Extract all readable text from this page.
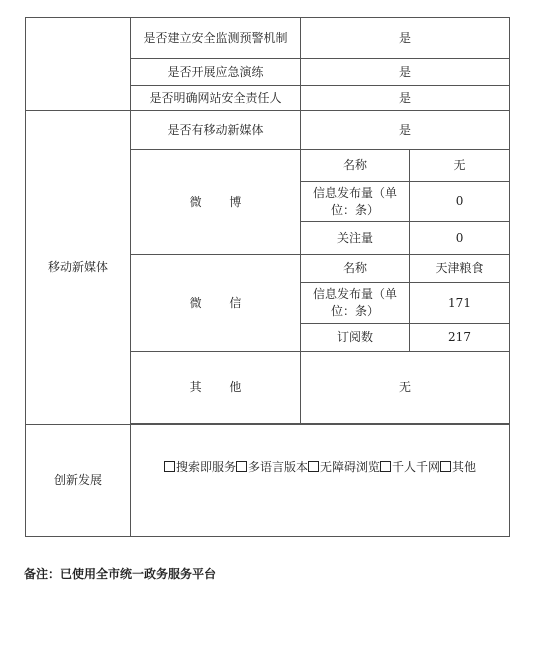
	是否建立安全监测预警机制	是	
	是否开展应急演练	是	
	是否明确网站安全责任人	是	
移动新媒体	是否有移动新媒体	是	
	微 博	名称	无
		信息发布量（单位：条）	0
		关注量	0
	微 信	名称	天津粮食
		信息发布量（单位：条）	171
		订阅数	217
	其 他	无	

创新发展	搜索即服务 多语言版本 无障碍浏览 千人千网 其他		
备注：已使用全市统一政务服务平台
